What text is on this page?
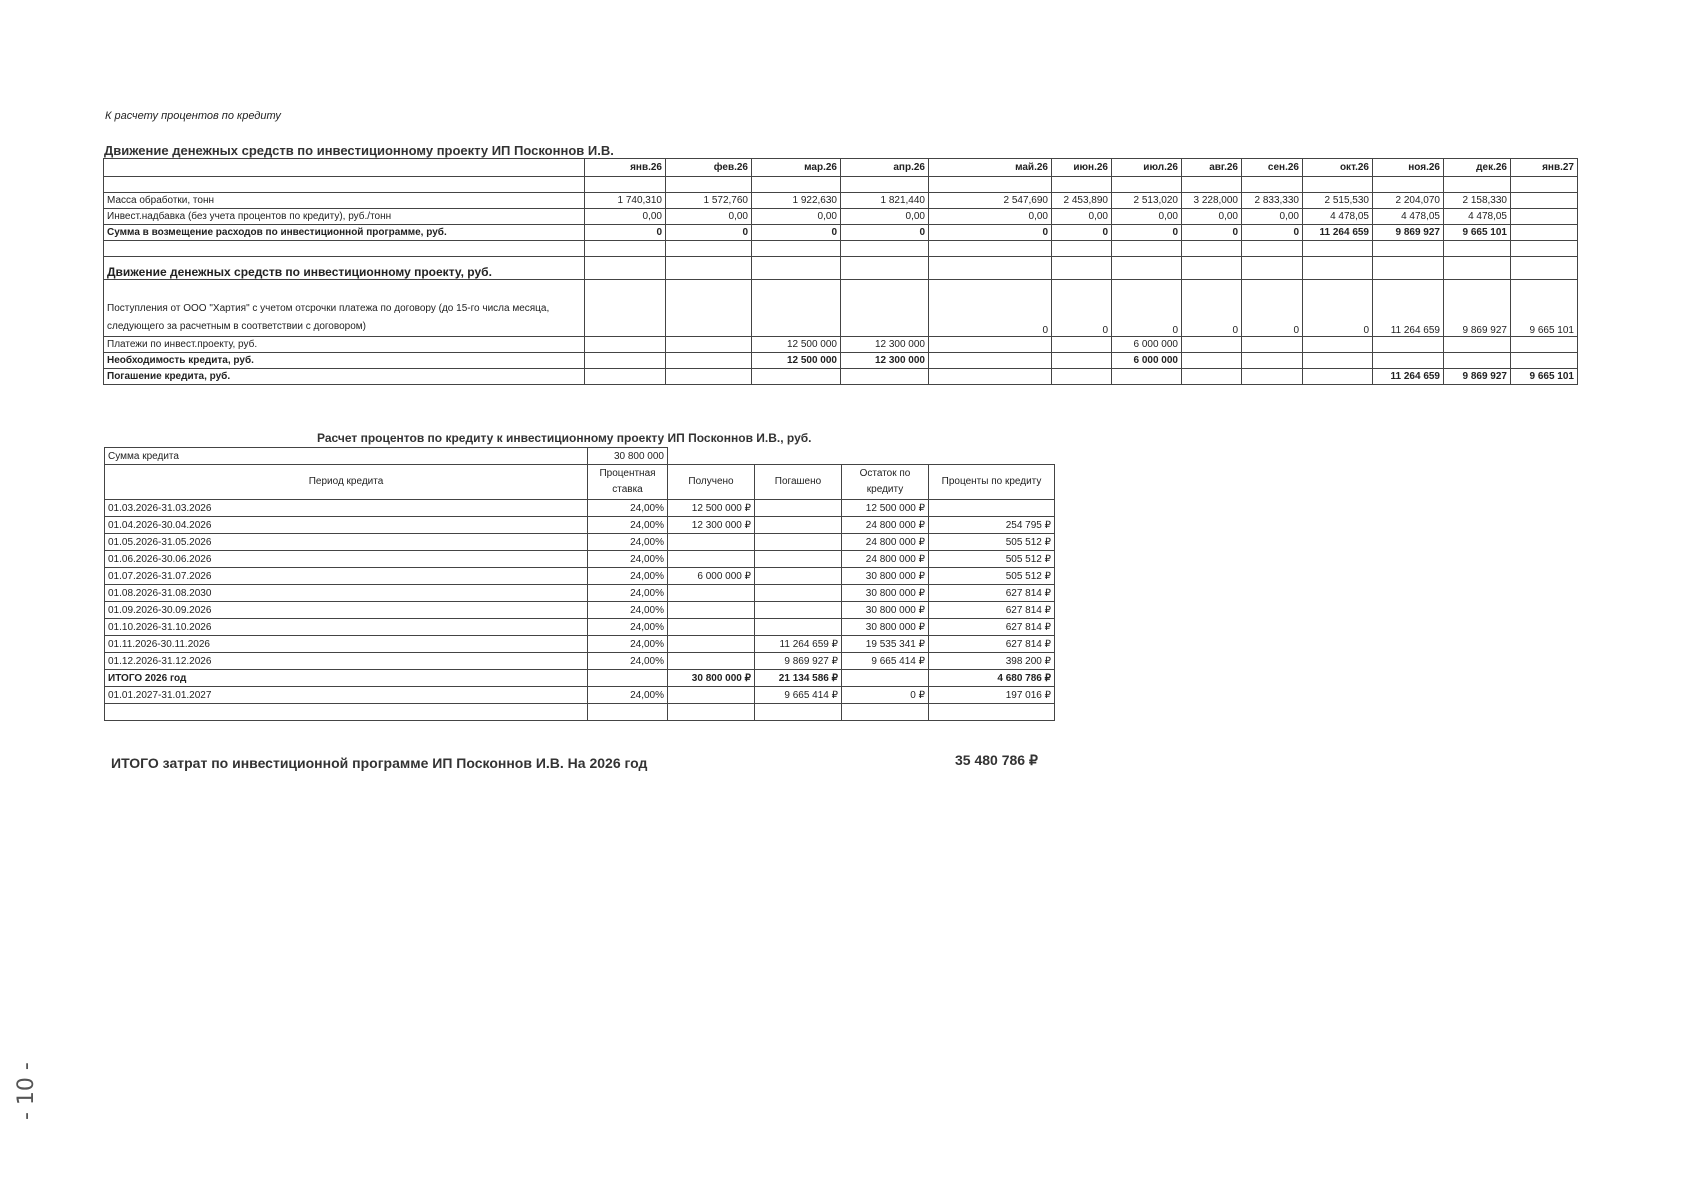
К расчету процентов по кредиту
Движение денежных средств по инвестиционному проекту ИП Посконнов И.В.
	янв.26	фев.26	мар.26	апр.26	май.26	июн.26	июл.26	авг.26	сен.26	окт.26	ноя.26	дек.26	янв.27

Масса обработки, тонн	1 740,310	1 572,760	1 922,630	1 821,440	2 547,690	2 453,890	2 513,020	3 228,000	2 833,330	2 515,530	2 204,070	2 158,330	
Инвест.надбавка (без учета процентов по кредиту), руб./тонн	0,00	0,00	0,00	0,00	0,00	0,00	0,00	0,00	0,00	4 478,05	4 478,05	4 478,05	
Сумма в возмещение расходов по инвестиционной программе, руб.	0	0	0	0	0	0	0	0	0	11 264 659	9 869 927	9 665 101	

Движение денежных средств по инвестиционному проекту, руб.													
Поступления от ООО "Хартия" с учетом отсрочки платежа по договору (до 15-го числа месяца, следующего за расчетным в соответствии с договором)					0	0	0	0	0	0	11 264 659	9 869 927	9 665 101
Платежи по инвест.проекту, руб.			12 500 000	12 300 000			6 000 000						
Необходимость кредита, руб.			12 500 000	12 300 000			6 000 000						
Погашение кредита, руб.											11 264 659	9 869 927	9 665 101
Расчет процентов по кредиту к инвестиционному проекту ИП Посконнов И.В., руб.
Сумма кредита	30 800 000				
Период кредита	Процентная ставка	Получено	Погашено	Остаток по кредиту	Проценты по кредиту
01.03.2026-31.03.2026	24,00%	12 500 000 ₽		12 500 000 ₽	
01.04.2026-30.04.2026	24,00%	12 300 000 ₽		24 800 000 ₽	254 795 ₽
01.05.2026-31.05.2026	24,00%			24 800 000 ₽	505 512 ₽
01.06.2026-30.06.2026	24,00%			24 800 000 ₽	505 512 ₽
01.07.2026-31.07.2026	24,00%	6 000 000 ₽		30 800 000 ₽	505 512 ₽
01.08.2026-31.08.2030	24,00%			30 800 000 ₽	627 814 ₽
01.09.2026-30.09.2026	24,00%			30 800 000 ₽	627 814 ₽
01.10.2026-31.10.2026	24,00%			30 800 000 ₽	627 814 ₽
01.11.2026-30.11.2026	24,00%		11 264 659 ₽	19 535 341 ₽	627 814 ₽
01.12.2026-31.12.2026	24,00%		9 869 927 ₽	9 665 414 ₽	398 200 ₽
ИТОГО 2026 год		30 800 000 ₽	21 134 586 ₽		4 680 786 ₽
01.01.2027-31.01.2027	24,00%		9 665 414 ₽	0 ₽	197 016 ₽

ИТОГО затрат по инвестиционной программе ИП Посконнов И.В. На 2026 год	35 480 786 ₽
- 10 -
